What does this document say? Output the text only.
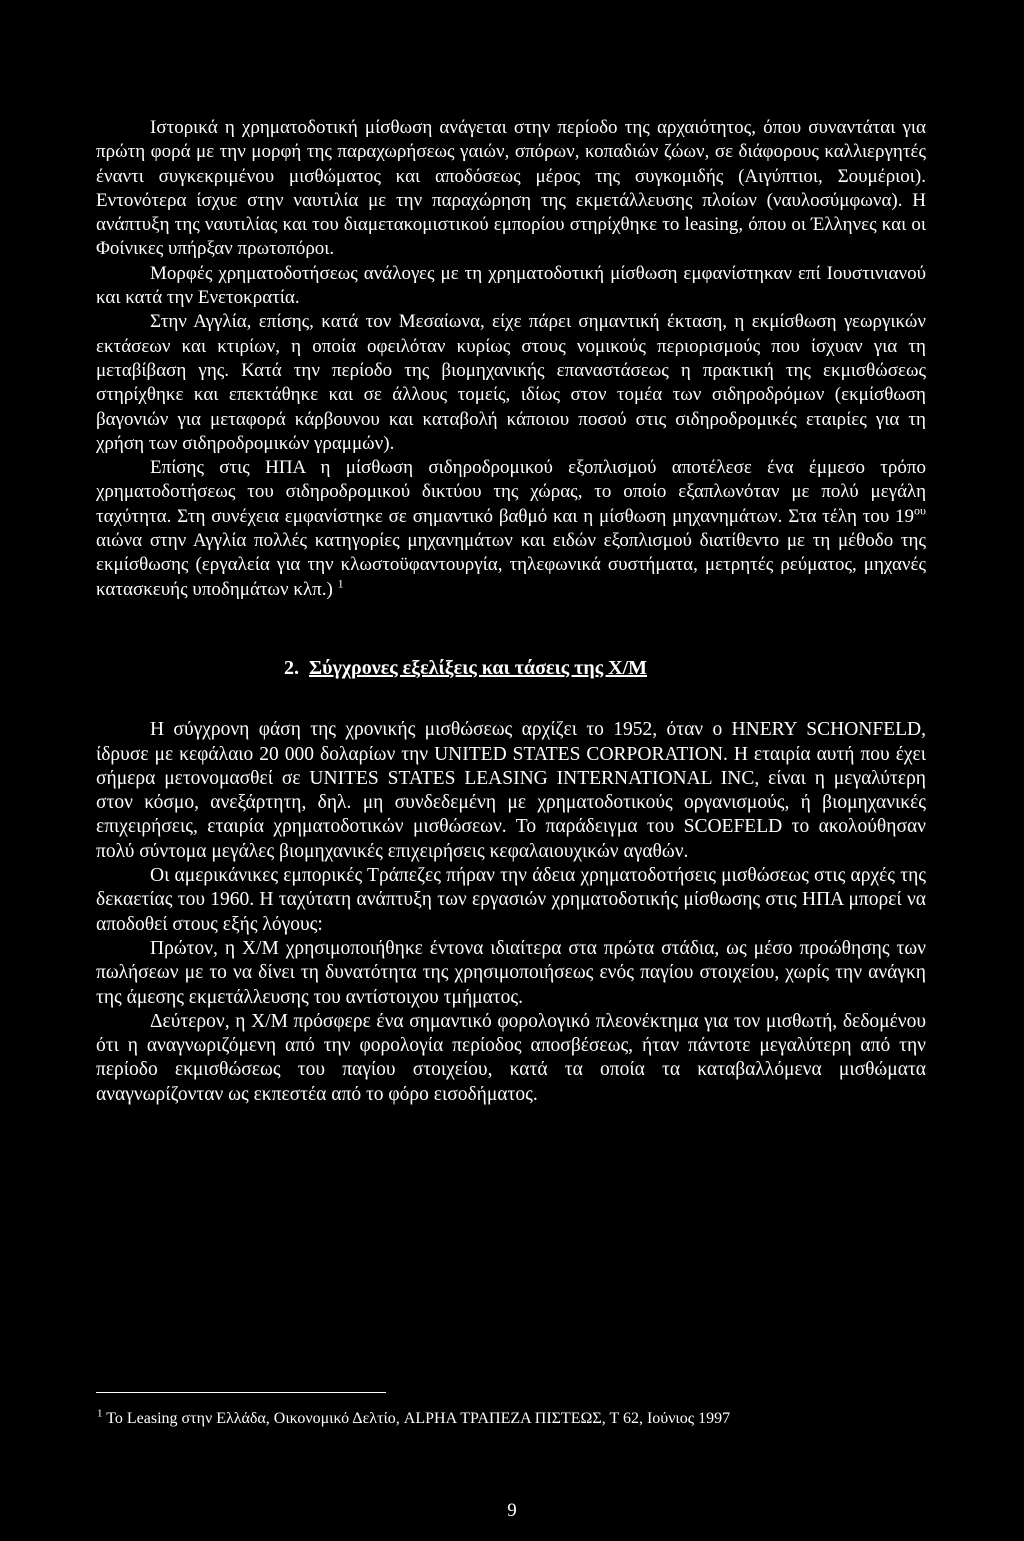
Ιστορικά η χρηματοδοτική μίσθωση ανάγεται στην περίοδο της αρχαιότητος, όπου συναντάται για πρώτη φορά με την μορφή της παραχωρήσεως γαιών, σπόρων, κοπαδιών ζώων, σε διάφορους καλλιεργητές έναντι συγκεκριμένου μισθώματος και αποδόσεως μέρος της συγκομιδής (Αιγύπτιοι, Σουμέριοι). Εντονότερα ίσχυε στην ναυτιλία με την παραχώρηση της εκμετάλλευσης πλοίων (ναυλοσύμφωνα). Η ανάπτυξη της ναυτιλίας και του διαμετακομιστικού εμπορίου στηρίχθηκε το leasing, όπου οι Έλληνες και οι Φοίνικες υπήρξαν πρωτοπόροι.

Μορφές χρηματοδοτήσεως ανάλογες με τη χρηματοδοτική μίσθωση εμφανίστηκαν επί Ιουστινιανού και κατά την Ενετοκρατία.

Στην Αγγλία, επίσης, κατά τον Μεσαίωνα, είχε πάρει σημαντική έκταση, η εκμίσθωση γεωργικών εκτάσεων και κτιρίων, η οποία οφειλόταν κυρίως στους νομικούς περιορισμούς που ίσχυαν για τη μεταβίβαση γης. Κατά την περίοδο της βιομηχανικής επαναστάσεως η πρακτική της εκμισθώσεως στηρίχθηκε και επεκτάθηκε και σε άλλους τομείς, ιδίως στον τομέα των σιδηροδρόμων (εκμίσθωση βαγονιών για μεταφορά κάρβουνου και καταβολή κάποιου ποσού στις σιδηροδρομικές εταιρίες για τη χρήση των σιδηροδρομικών γραμμών).

Επίσης στις ΗΠΑ η μίσθωση σιδηροδρομικού εξοπλισμού αποτέλεσε ένα έμμεσο τρόπο χρηματοδοτήσεως του σιδηροδρομικού δικτύου της χώρας, το οποίο εξαπλωνόταν με πολύ μεγάλη ταχύτητα. Στη συνέχεια εμφανίστηκε σε σημαντικό βαθμό και η μίσθωση μηχανημάτων. Στα τέλη του $19^{o\upsilon}$ αιώνα στην Αγγλία πολλές κατηγορίες μηχανημάτων και ειδών εξοπλισμού διατίθεντο με τη μέθοδο της εκμίσθωσης (εργαλεία για την κλωστοϋφαντουργία, τηλεφωνικά συστήματα, μετρητές ρεύματος, μηχανές κατασκευής υποδημάτων κλπ.) $^1$

2. Σύγχρονες εξελίξεις και τάσεις της Χ/Μ

Η σύγχρονη φάση της χρονικής μισθώσεως αρχίζει το 1952, όταν ο HNERY SCHONFELD, ίδρυσε με κεφάλαιο 20 000 δολαρίων την UNITED STATES CORPORATION. Η εταιρία αυτή που έχει σήμερα μετονομασθεί σε UNITES STATES LEASING INTERNATIONAL INC, είναι η μεγαλύτερη στον κόσμο, ανεξάρτητη, δηλ. μη συνδεδεμένη με χρηματοδοτικούς οργανισμούς, ή βιομηχανικές επιχειρήσεις, εταιρία χρηματοδοτικών μισθώσεων. Το παράδειγμα του SCOEFELD το ακολούθησαν πολύ σύντομα μεγάλες βιομηχανικές επιχειρήσεις κεφαλαιουχικών αγαθών.

Οι αμερικάνικες εμπορικές Τράπεζες πήραν την άδεια χρηματοδοτήσεις μισθώσεως στις αρχές της δεκαετίας του 1960. Η ταχύτατη ανάπτυξη των εργασιών χρηματοδοτικής μίσθωσης στις ΗΠΑ μπορεί να αποδοθεί στους εξής λόγους:

Πρώτον, η Χ/Μ χρησιμοποιήθηκε έντονα ιδιαίτερα στα πρώτα στάδια, ως μέσο προώθησης των πωλήσεων με το να δίνει τη δυνατότητα της χρησιμοποιήσεως ενός παγίου στοιχείου, χωρίς την ανάγκη της άμεσης εκμετάλλευσης του αντίστοιχου τμήματος.

Δεύτερον, η Χ/Μ πρόσφερε ένα σημαντικό φορολογικό πλεονέκτημα για τον μισθωτή, δεδομένου ότι η αναγνωριζόμενη από την φορολογία περίοδος αποσβέσεως, ήταν πάντοτε μεγαλύτερη από την περίοδο εκμισθώσεως του παγίου στοιχείου, κατά τα οποία τα καταβαλλόμενα μισθώματα αναγνωρίζονταν ως εκπεστέα από το φόρο εισοδήματος.

$^1$ Το Leasing στην Ελλάδα, Οικονομικό Δελτίο, ALPHA ΤΡΑΠΕΖΑ ΠΙΣΤΕΩΣ, Τ 62, Ιούνιος 1997
9
